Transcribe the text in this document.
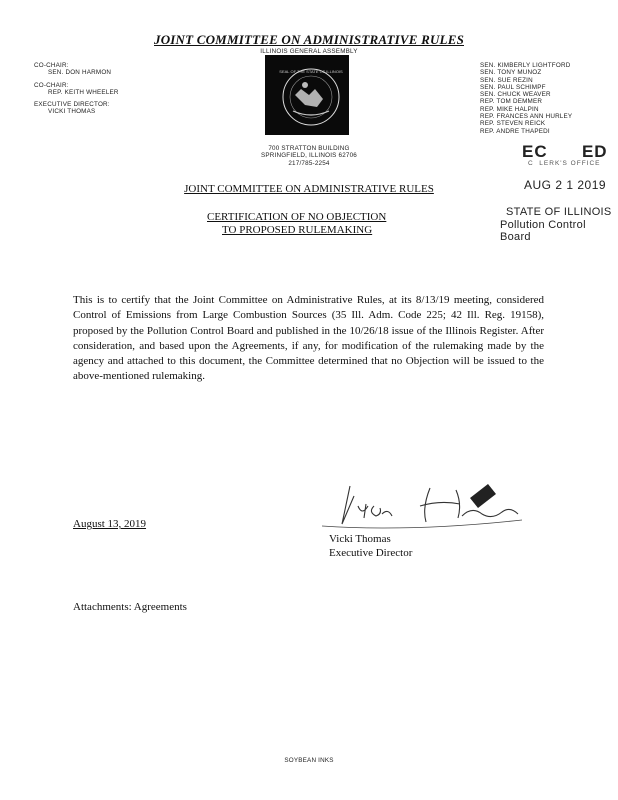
JOINT COMMITTEE ON ADMINISTRATIVE RULES
ILLINOIS GENERAL ASSEMBLY
CO-CHAIR:
SEN. DON HARMON
CO-CHAIR:
REP. KEITH WHEELER
EXECUTIVE DIRECTOR:
VICKI THOMAS
SEAL OF THE STATE OF ILLINOIS
SEN. KIMBERLY LIGHTFORD
SEN. TONY MUNOZ
SEN. SUE REZIN
SEN. PAUL SCHIMPF
SEN. CHUCK WEAVER
REP. TOM DEMMER
REP. MIKE HALPIN
REP. FRANCES ANN HURLEY
REP. STEVEN REICK
REP. ANDRE THAPEDI
700 STRATTON BUILDING
SPRINGFIELD, ILLINOIS 62706
217/785-2254
EC      ED
C  LERK'S OFFICE
AUG 2 1 2019
STATE OF ILLINOIS
Pollution Control Board
JOINT COMMITTEE ON ADMINISTRATIVE RULES
CERTIFICATION OF NO OBJECTION
TO PROPOSED RULEMAKING
This is to certify that the Joint Committee on Administrative Rules, at its 8/13/19 meeting, considered Control of Emissions from Large Combustion Sources (35 Ill. Adm. Code 225; 42 Ill. Reg. 19158), proposed by the Pollution Control Board and published in the 10/26/18 issue of the Illinois Register. After consideration, and based upon the Agreements, if any, for modification of the rulemaking made by the agency and attached to this document, the Committee determined that no Objection will be issued to the above-mentioned rulemaking.
August 13, 2019
Vicki Thomas
Executive Director
Attachments: Agreements
SOYBEAN INKS
